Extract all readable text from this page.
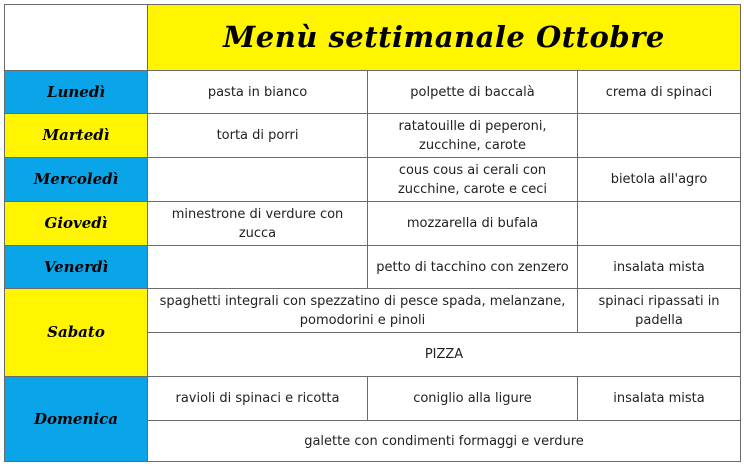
	Menù settimanale Ottobre		
Lunedì	pasta in bianco	polpette di baccalà	crema di spinaci
Martedì	torta di porri	ratatouille di peperoni, zucchine, carote	
Mercoledì		cous cous ai cerali con zucchine, carote e ceci	bietola all'agro
Giovedì	minestrone di verdure con zucca	mozzarella di bufala	
Venerdì		petto di tacchino con zenzero	insalata mista
Sabato	spaghetti integrali con spezzatino di pesce spada, melanzane, pomodorini e pinoli		spinaci ripassati in padella
	PIZZA		
Domenica	ravioli di spinaci e ricotta	coniglio alla ligure	insalata mista
	galette con condimenti formaggi e verdure		
